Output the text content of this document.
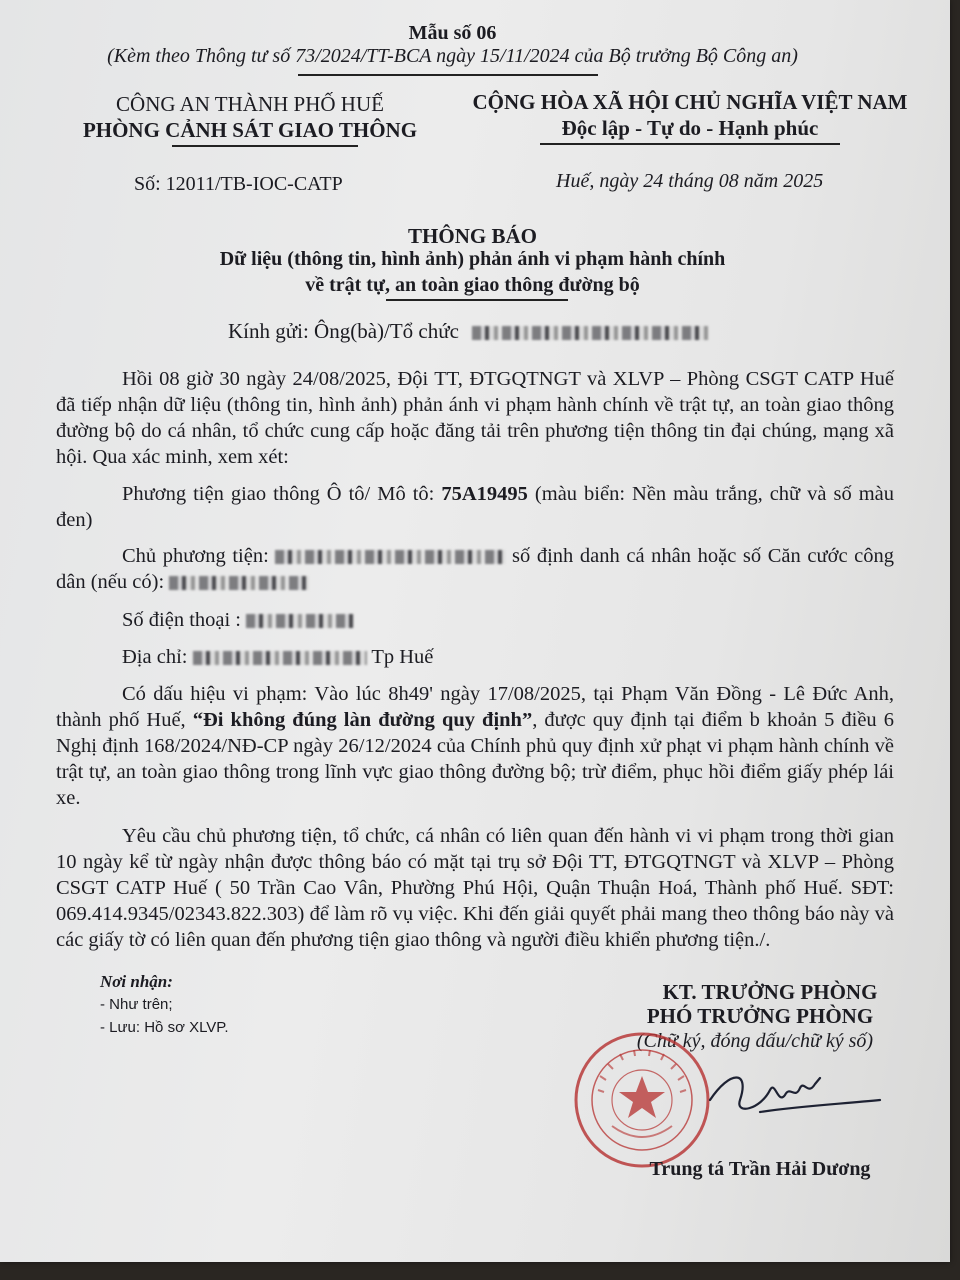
Mẫu số 06
(Kèm theo Thông tư số 73/2024/TT-BCA ngày 15/11/2024 của Bộ trưởng Bộ Công an)
CÔNG AN THÀNH PHỐ HUẾ
PHÒNG CẢNH SÁT GIAO THÔNG
CỘNG HÒA XÃ HỘI CHỦ NGHĨA VIỆT NAM
Độc lập - Tự do - Hạnh phúc
Số: 12011/TB-IOC-CATP	Huế, ngày 24 tháng 08 năm 2025
THÔNG BÁO
Dữ liệu (thông tin, hình ảnh) phản ánh vi phạm hành chính
về trật tự, an toàn giao thông đường bộ
Kính gửi: Ông(bà)/Tổ chức
Hồi 08 giờ 30 ngày 24/08/2025, Đội TT, ĐTGQTNGT và XLVP – Phòng CSGT CATP Huế đã tiếp nhận dữ liệu (thông tin, hình ảnh) phản ánh vi phạm hành chính về trật tự, an toàn giao thông đường bộ do cá nhân, tổ chức cung cấp hoặc đăng tải trên phương tiện thông tin đại chúng, mạng xã hội. Qua xác minh, xem xét:
Phương tiện giao thông Ô tô/ Mô tô: 75A19495 (màu biển: Nền màu trắng, chữ và số màu đen)
Chủ phương tiện:	số định danh cá nhân hoặc số Căn cước công dân (nếu có):
Số điện thoại :
Địa chỉ:	Tp Huế
Có dấu hiệu vi phạm: Vào lúc 8h49' ngày 17/08/2025, tại Phạm Văn Đồng - Lê Đức Anh, thành phố Huế, “Đi không đúng làn đường quy định”, được quy định tại điểm b khoản 5 điều 6 Nghị định 168/2024/NĐ-CP ngày 26/12/2024 của Chính phủ quy định xử phạt vi phạm hành chính về trật tự, an toàn giao thông trong lĩnh vực giao thông đường bộ; trừ điểm, phục hồi điểm giấy phép lái xe.
Yêu cầu chủ phương tiện, tổ chức, cá nhân có liên quan đến hành vi vi phạm trong thời gian 10 ngày kể từ ngày nhận được thông báo có mặt tại trụ sở Đội TT, ĐTGQTNGT và XLVP – Phòng CSGT CATP Huế ( 50 Trần Cao Vân, Phường Phú Hội, Quận Thuận Hoá, Thành phố Huế. SĐT: 069.414.9345/02343.822.303) để làm rõ vụ việc. Khi đến giải quyết phải mang theo thông báo này và các giấy tờ có liên quan đến phương tiện giao thông và người điều khiển phương tiện./.
Nơi nhận:
- Như trên;
- Lưu: Hồ sơ XLVP.
KT. TRƯỞNG PHÒNG
PHÓ TRƯỞNG PHÒNG
(Chữ ký, đóng dấu/chữ ký số)
Trung tá Trần Hải Dương
